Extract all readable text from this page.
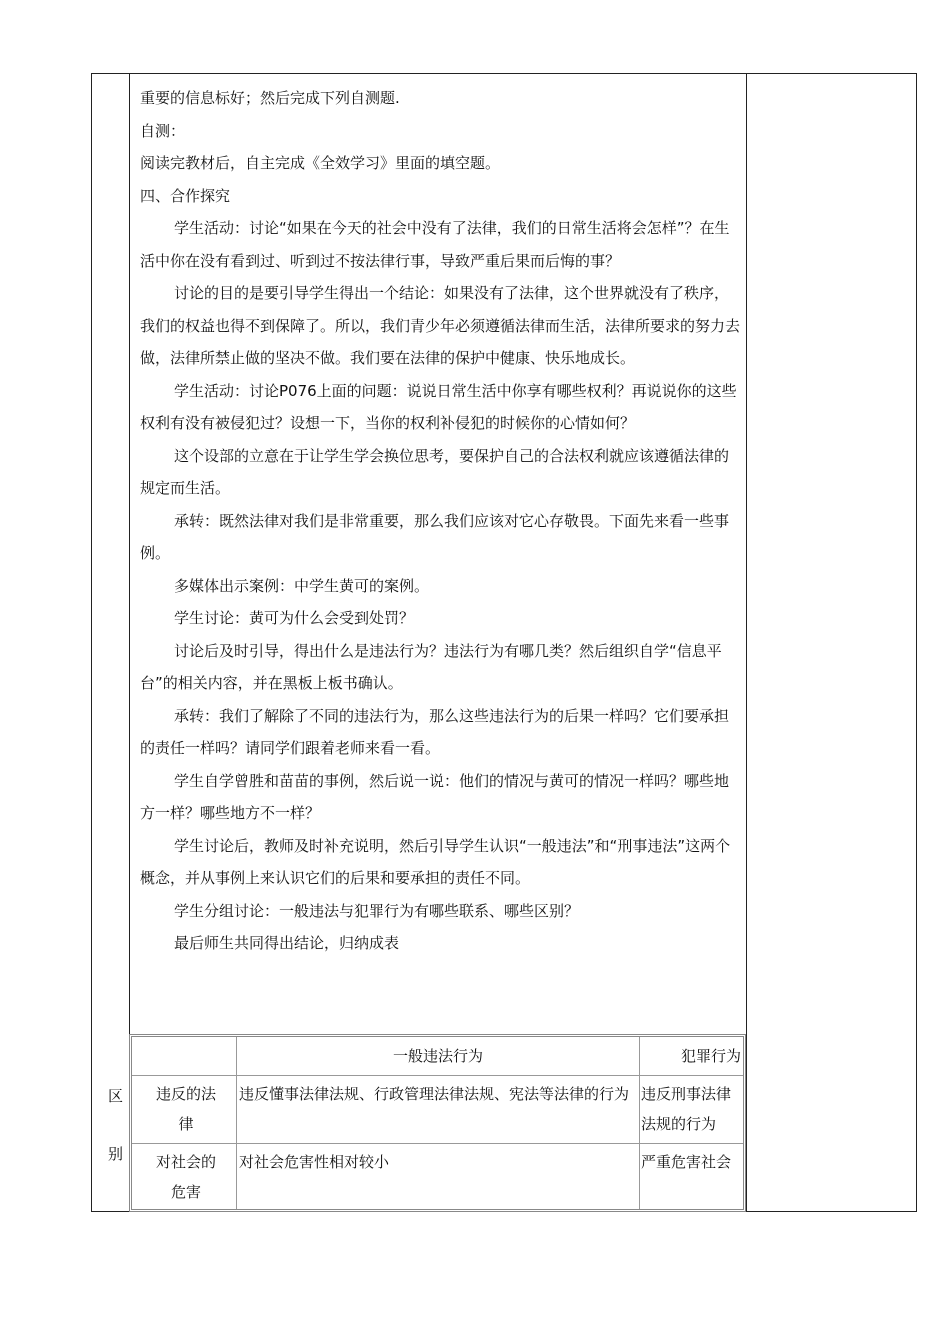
重要的信息标好；然后完成下列自测题.

自测：

阅读完教材后，自主完成《全效学习》里面的填空题。

四、合作探究

学生活动：讨论“如果在今天的社会中没有了法律，我们的日常生活将会怎样”？在生活中你在没有看到过、听到过不按法律行事，导致严重后果而后悔的事？

讨论的目的是要引导学生得出一个结论：如果没有了法律，这个世界就没有了秩序，我们的权益也得不到保障了。所以，我们青少年必须遵循法律而生活，法律所要求的努力去做，法律所禁止做的坚决不做。我们要在法律的保护中健康、快乐地成长。

学生活动：讨论P076上面的问题：说说日常生活中你享有哪些权利？再说说你的这些权利有没有被侵犯过？设想一下，当你的权利补侵犯的时候你的心情如何？

这个设部的立意在于让学生学会换位思考，要保护自己的合法权利就应该遵循法律的规定而生活。

承转：既然法律对我们是非常重要，那么我们应该对它心存敬畏。下面先来看一些事例。

多媒体出示案例：中学生黄可的案例。

学生讨论：黄可为什么会受到处罚？

讨论后及时引导，得出什么是违法行为？违法行为有哪几类？然后组织自学“信息平台”的相关内容，并在黑板上板书确认。

承转：我们了解除了不同的违法行为，那么这些违法行为的后果一样吗？它们要承担的责任一样吗？请同学们跟着老师来看一看。

学生自学曾胜和苗苗的事例，然后说一说：他们的情况与黄可的情况一样吗？哪些地方一样？哪些地方不一样？

学生讨论后，教师及时补充说明，然后引导学生认识“一般违法”和“刑事违法”这两个概念，并从事例上来认识它们的后果和要承担的责任不同。

学生分组讨论：一般违法与犯罪行为有哪些联系、哪些区别？

最后师生共同得出结论，归纳成表

区
别
一般违法行为	犯罪行为
违反的法律
违反懂事法律法规、行政管理法律法规、宪法等法律的行为 违反刑事法律法规的行为
对社会的危害
对社会危害性相对较小	严重危害社会
